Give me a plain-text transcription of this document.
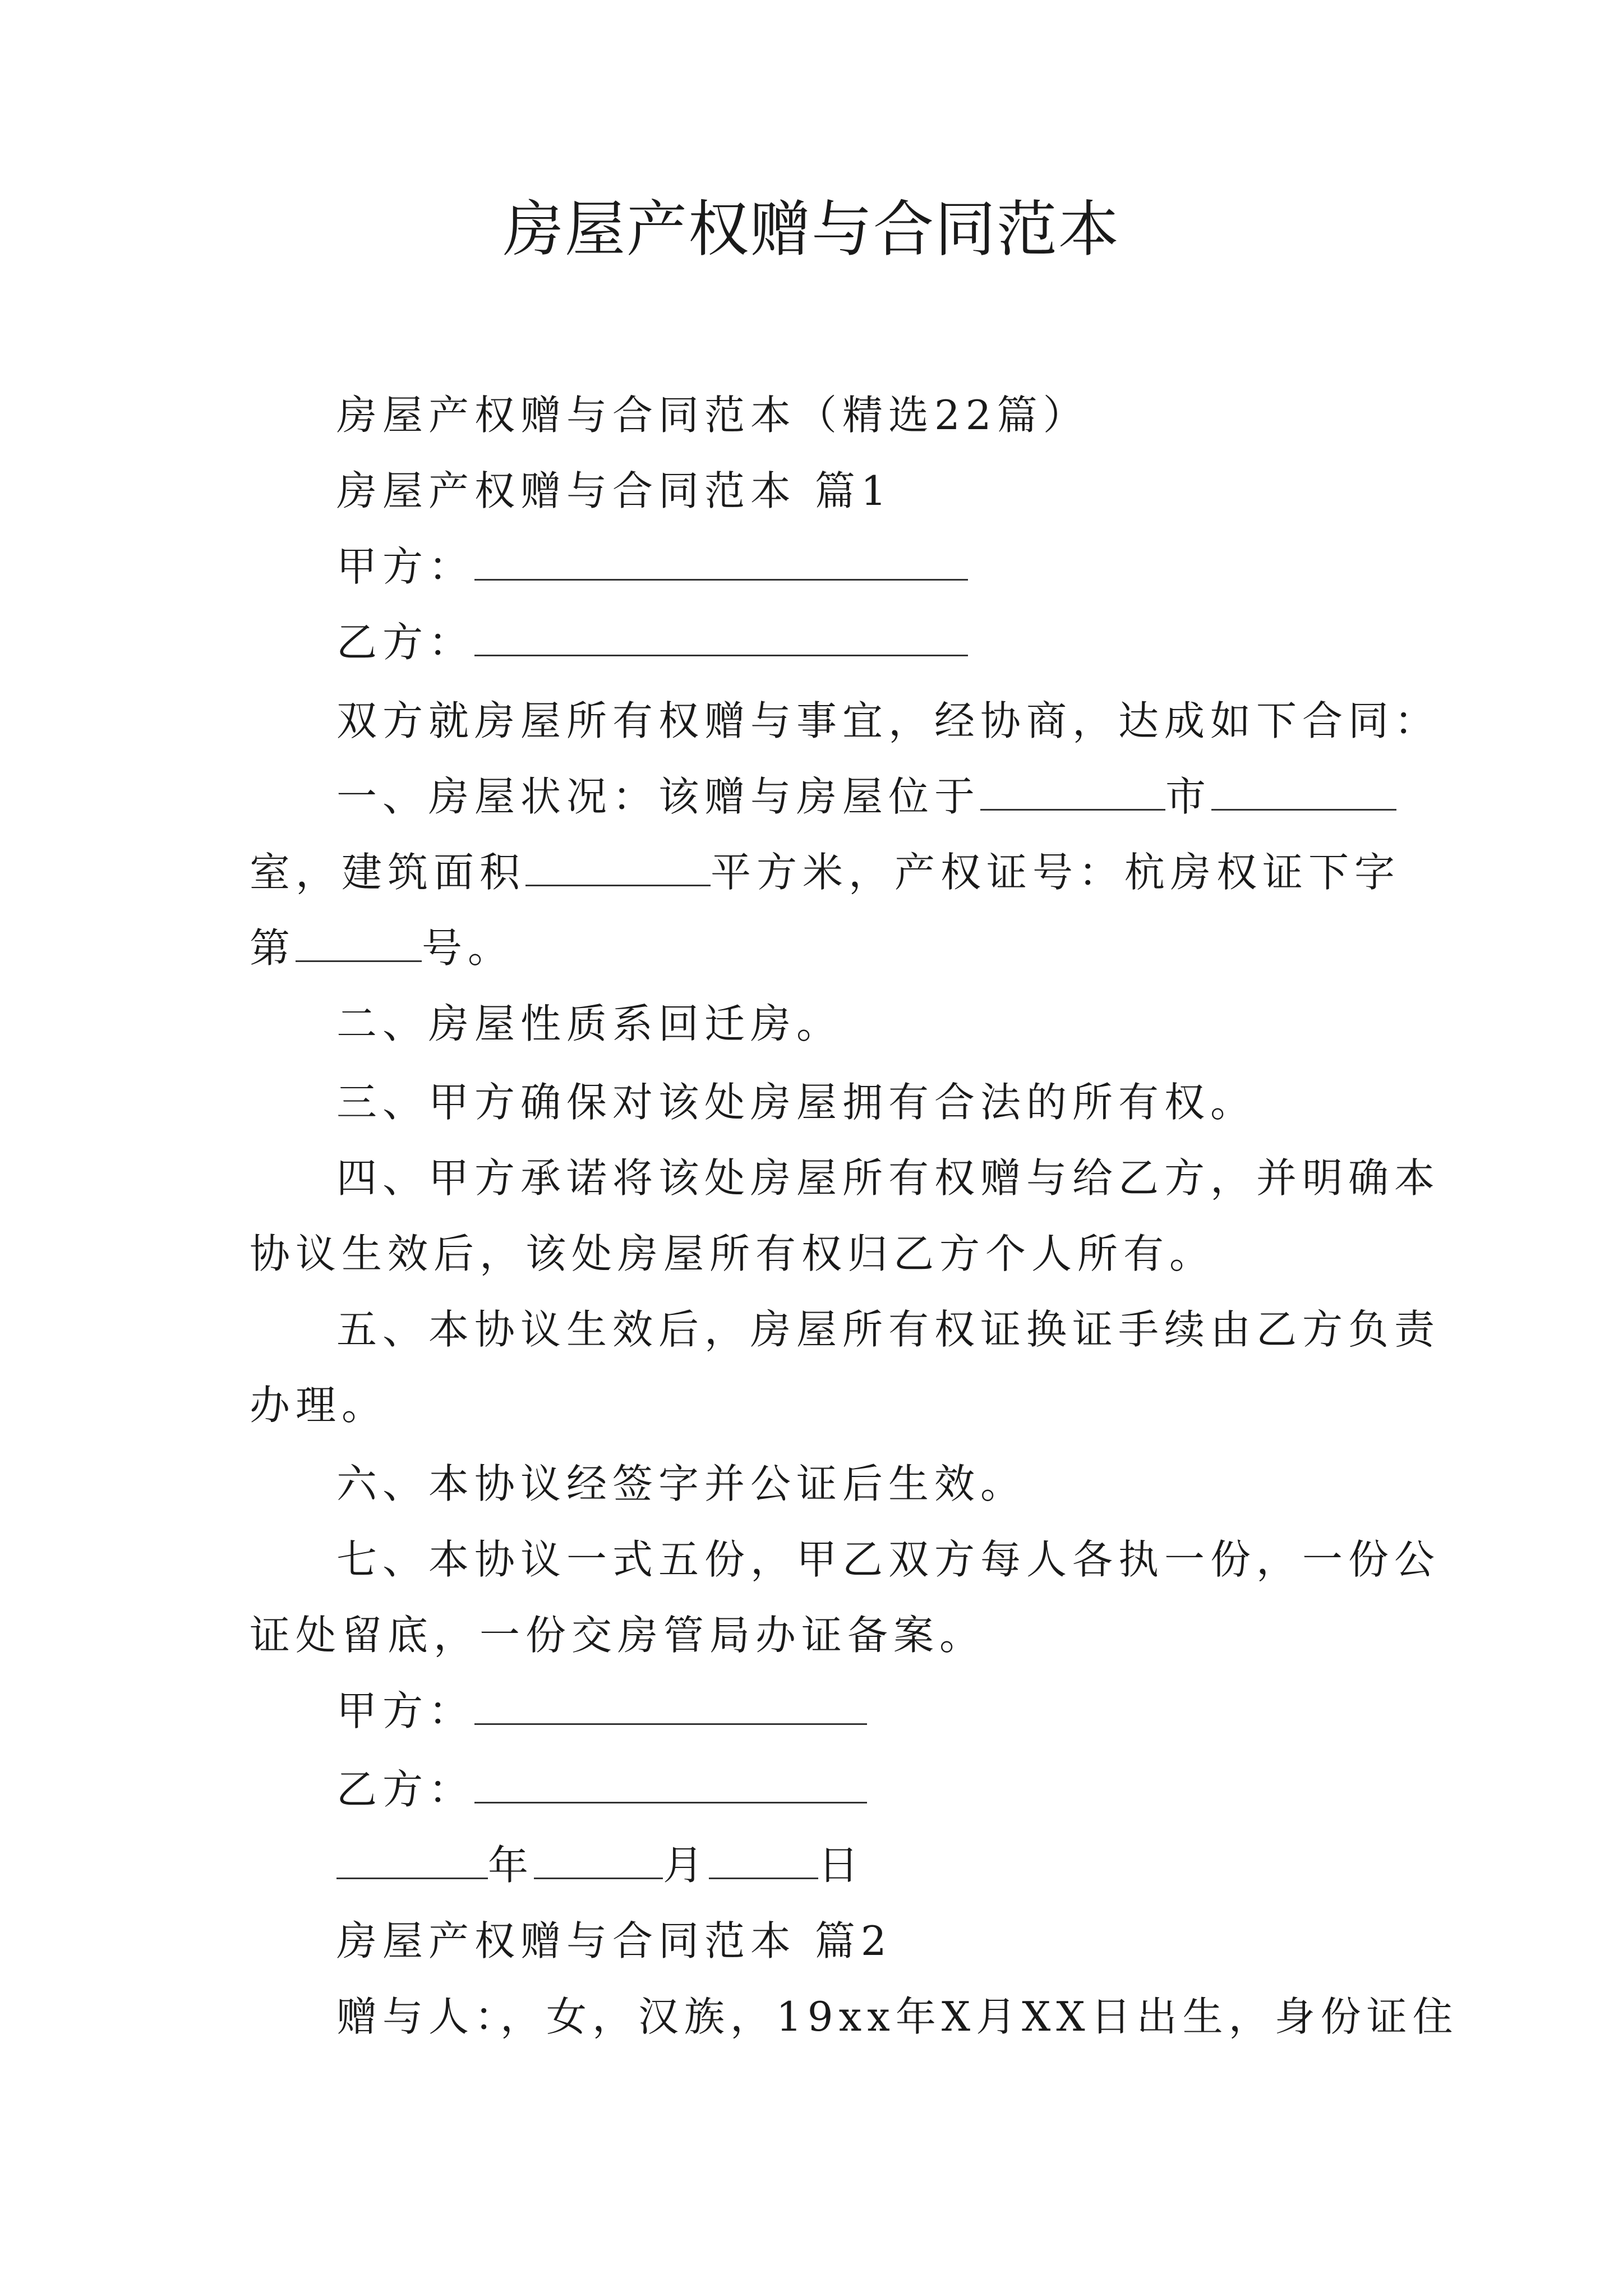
房屋产权赠与合同范本
房屋产权赠与合同范本（精选22篇）
房屋产权赠与合同范本 篇1
甲方：
乙方：
双方就房屋所有权赠与事宜，经协商，达成如下合同：
一、房屋状况：该赠与房屋位于	市
室，建筑面积	平方米，产权证号：杭房权证下字
第	号。
二、房屋性质系回迁房。
三、甲方确保对该处房屋拥有合法的所有权。
四、甲方承诺将该处房屋所有权赠与给乙方，并明确本
协议生效后，该处房屋所有权归乙方个人所有。
五、本协议生效后，房屋所有权证换证手续由乙方负责
办理。
六、本协议经签字并公证后生效。
七、本协议一式五份，甲乙双方每人各执一份，一份公
证处留底，一份交房管局办证备案。
甲方：
乙方：
年	月	日
房屋产权赠与合同范本 篇2
赠与人：，女，汉族，19xx年X月XX日出生，身份证住
